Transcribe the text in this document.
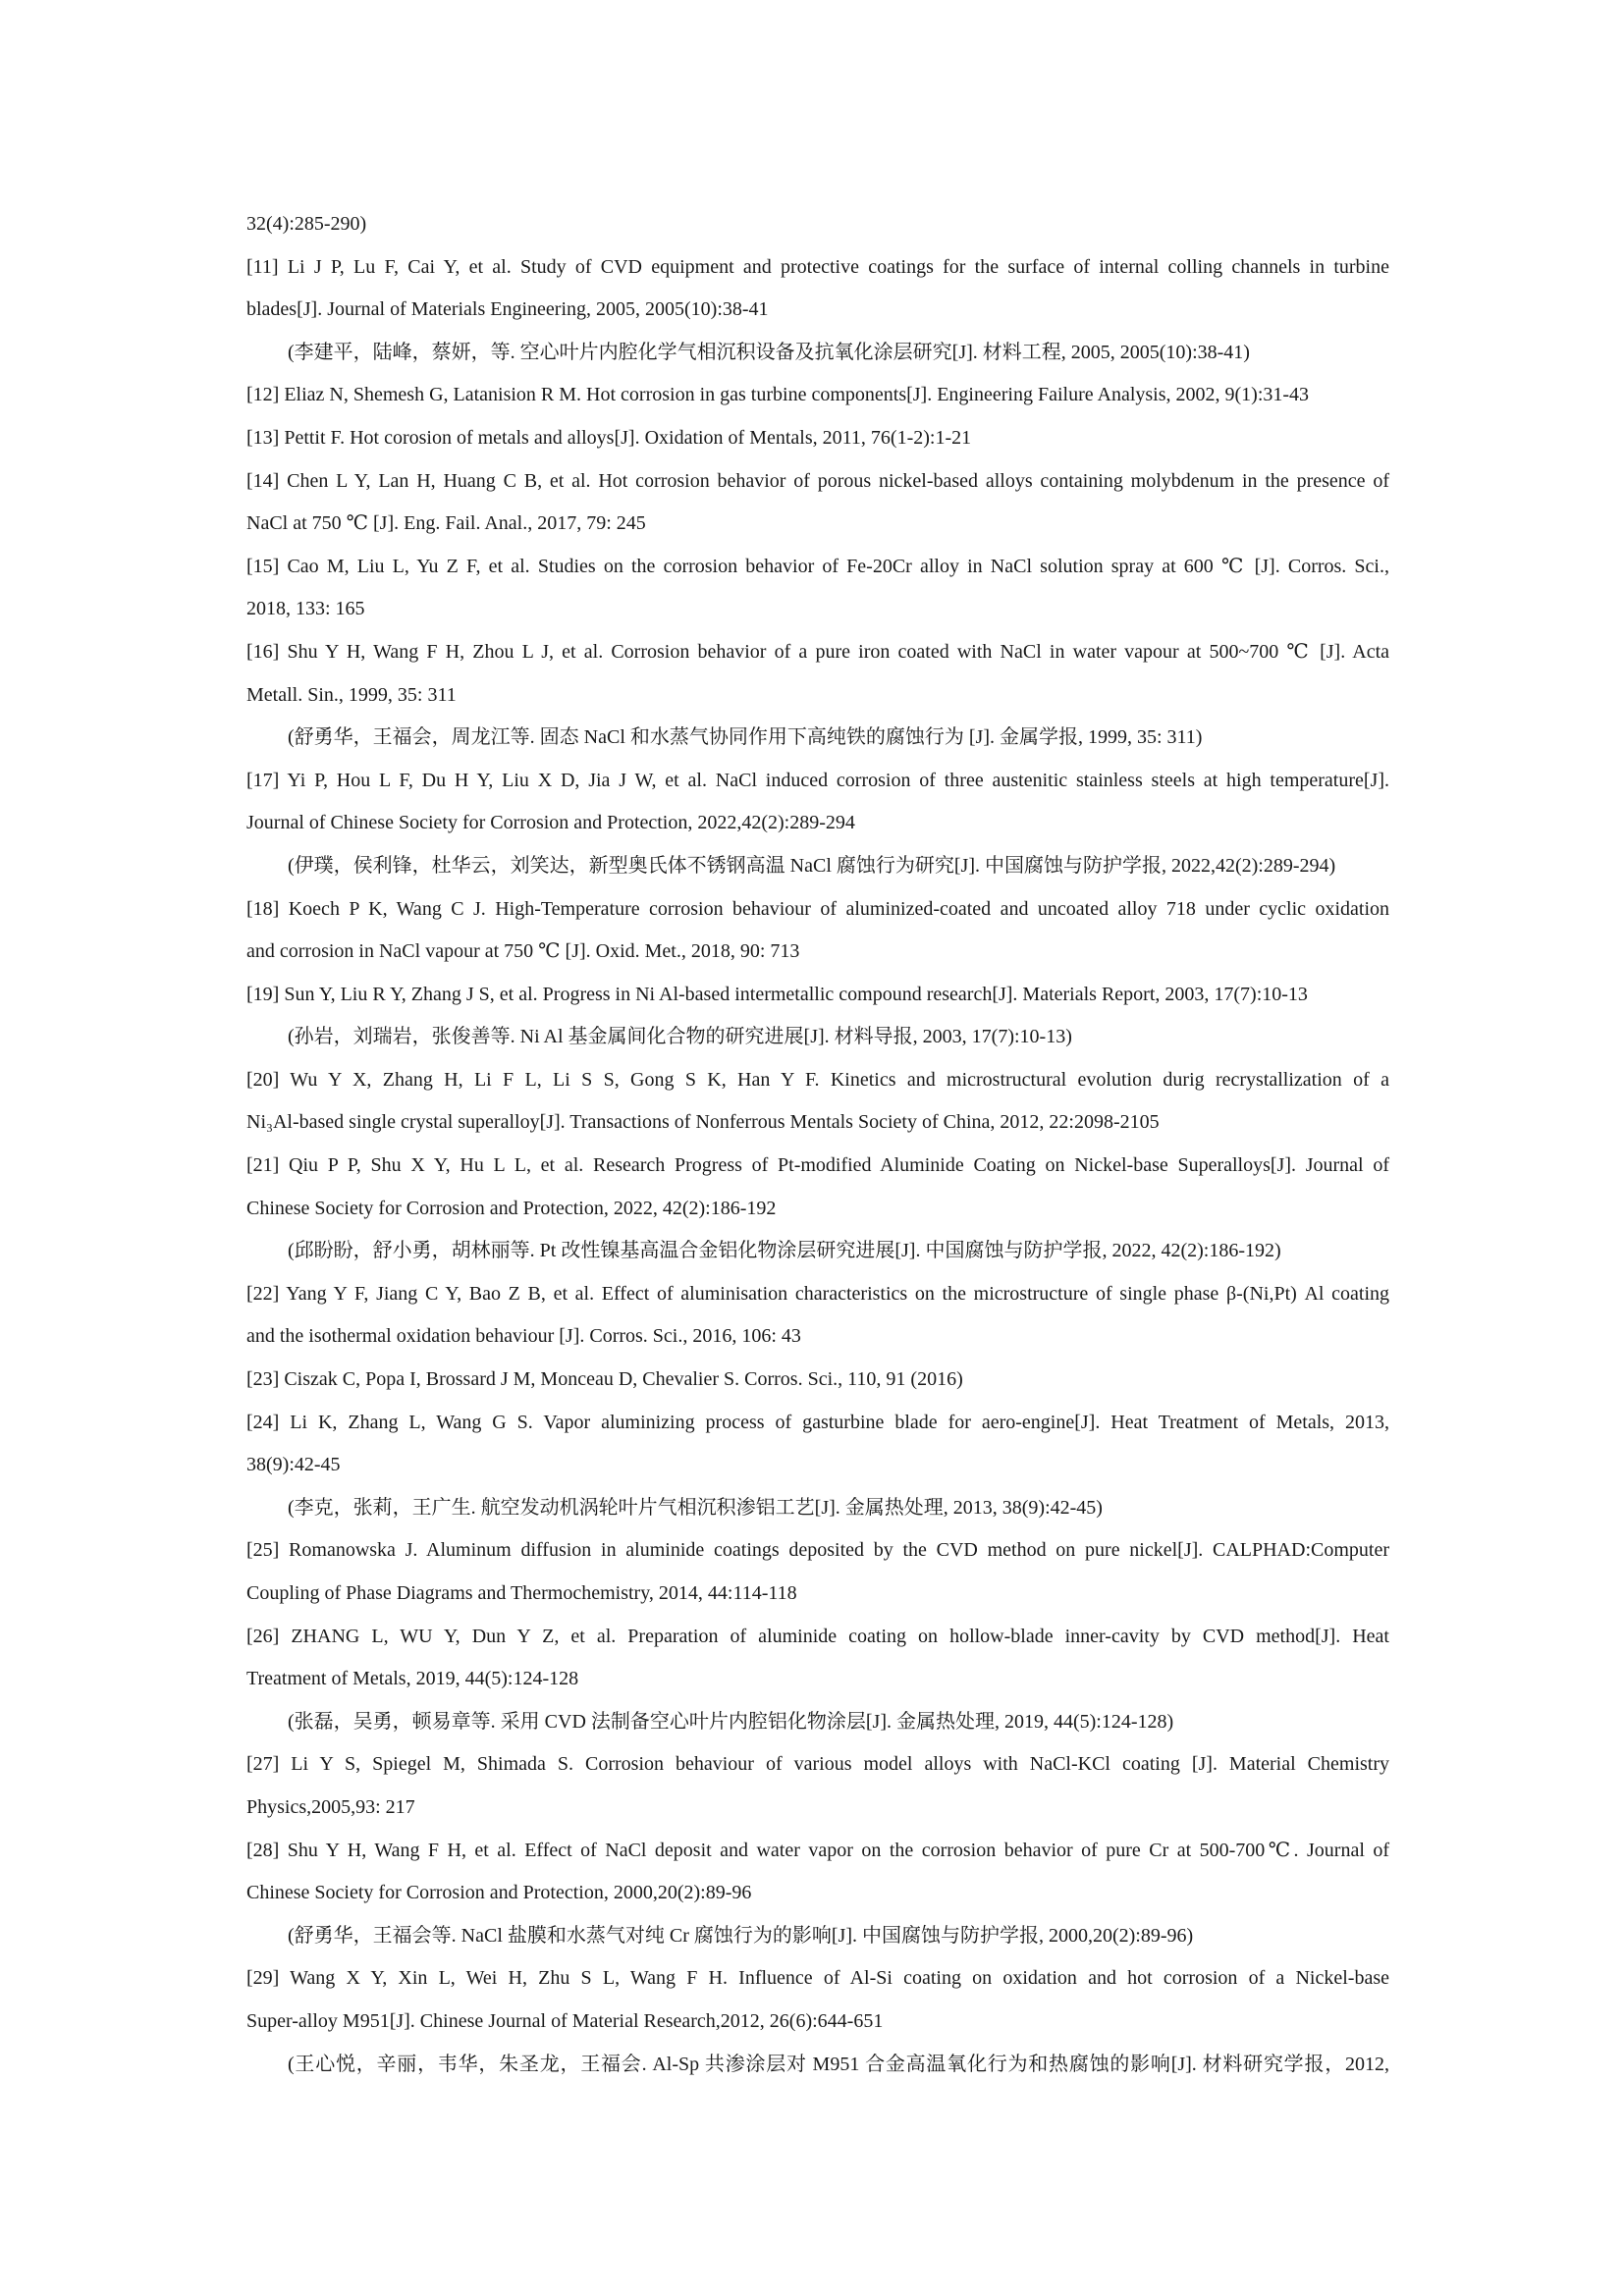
32(4):285-290)
[11] Li J P, Lu F, Cai Y, et al. Study of CVD equipment and protective coatings for the surface of internal colling channels in turbine
blades[J]. Journal of Materials Engineering, 2005, 2005(10):38-41
(李建平，陆峰，蔡妍，等. 空心叶片内腔化学气相沉积设备及抗氧化涂层研究[J]. 材料工程, 2005, 2005(10):38-41)
[12] Eliaz N, Shemesh G, Latanision R M. Hot corrosion in gas turbine components[J]. Engineering Failure Analysis, 2002, 9(1):31-43
[13] Pettit F. Hot corosion of metals and alloys[J]. Oxidation of Mentals, 2011, 76(1-2):1-21
[14] Chen L Y, Lan H, Huang C B, et al. Hot corrosion behavior of porous nickel-based alloys containing molybdenum in the presence of
NaCl at 750 ℃ [J]. Eng. Fail. Anal., 2017, 79: 245
[15] Cao M, Liu L, Yu Z F, et al. Studies on the corrosion behavior of Fe-20Cr alloy in NaCl solution spray at 600 ℃ [J]. Corros. Sci.,
2018, 133: 165
[16] Shu Y H, Wang F H, Zhou L J, et al. Corrosion behavior of a pure iron coated with NaCl in water vapour at 500~700 ℃ [J]. Acta
Metall. Sin., 1999, 35: 311
(舒勇华，王福会，周龙江等. 固态 NaCl 和水蒸气协同作用下高纯铁的腐蚀行为 [J]. 金属学报, 1999, 35: 311)
[17] Yi P, Hou L F, Du H Y, Liu X D, Jia J W, et al. NaCl induced corrosion of three austenitic stainless steels at high temperature[J].
Journal of Chinese Society for Corrosion and Protection, 2022,42(2):289-294
(伊璞，侯利锋，杜华云，刘笑达，新型奥氏体不锈钢高温 NaCl 腐蚀行为研究[J]. 中国腐蚀与防护学报, 2022,42(2):289-294)
[18] Koech P K, Wang C J. High-Temperature corrosion behaviour of aluminized-coated and uncoated alloy 718 under cyclic oxidation
and corrosion in NaCl vapour at 750 ℃ [J]. Oxid. Met., 2018, 90: 713
[19] Sun Y, Liu R Y, Zhang J S, et al. Progress in Ni Al-based intermetallic compound research[J]. Materials Report, 2003, 17(7):10-13
(孙岩，刘瑞岩，张俊善等. Ni Al 基金属间化合物的研究进展[J]. 材料导报, 2003, 17(7):10-13)
[20] Wu Y X, Zhang H, Li F L, Li S S, Gong S K, Han Y F. Kinetics and microstructural evolution durig recrystallization of a
Ni₃Al-based single crystal superalloy[J]. Transactions of Nonferrous Mentals Society of China, 2012, 22:2098-2105
[21] Qiu P P, Shu X Y, Hu L L, et al. Research Progress of Pt-modified Aluminide Coating on Nickel-base Superalloys[J]. Journal of
Chinese Society for Corrosion and Protection, 2022, 42(2):186-192
(邱盼盼，舒小勇，胡林丽等. Pt 改性镍基高温合金铝化物涂层研究进展[J]. 中国腐蚀与防护学报, 2022, 42(2):186-192)
[22] Yang Y F, Jiang C Y, Bao Z B, et al. Effect of aluminisation characteristics on the microstructure of single phase β-(Ni,Pt) Al coating
and the isothermal oxidation behaviour [J]. Corros. Sci., 2016, 106: 43
[23] Ciszak C, Popa I, Brossard J M, Monceau D, Chevalier S. Corros. Sci., 110, 91 (2016)
[24] Li K, Zhang L, Wang G S. Vapor aluminizing process of gasturbine blade for aero-engine[J]. Heat Treatment of Metals, 2013,
38(9):42-45
(李克，张莉，王广生. 航空发动机涡轮叶片气相沉积渗铝工艺[J]. 金属热处理, 2013, 38(9):42-45)
[25] Romanowska J. Aluminum diffusion in aluminide coatings deposited by the CVD method on pure nickel[J]. CALPHAD:Computer
Coupling of Phase Diagrams and Thermochemistry, 2014, 44:114-118
[26] ZHANG L, WU Y, Dun Y Z, et al. Preparation of aluminide coating on hollow-blade inner-cavity by CVD method[J]. Heat
Treatment of Metals, 2019, 44(5):124-128
(张磊，吴勇，顿易章等. 采用 CVD 法制备空心叶片内腔铝化物涂层[J]. 金属热处理, 2019, 44(5):124-128)
[27] Li Y S, Spiegel M, Shimada S. Corrosion behaviour of various model alloys with NaCl-KCl coating [J]. Material Chemistry
Physics,2005,93: 217
[28] Shu Y H, Wang F H, et al. Effect of NaCl deposit and water vapor on the corrosion behavior of pure Cr at 500-700℃. Journal of
Chinese Society for Corrosion and Protection, 2000,20(2):89-96
(舒勇华，王福会等. NaCl 盐膜和水蒸气对纯 Cr 腐蚀行为的影响[J]. 中国腐蚀与防护学报, 2000,20(2):89-96)
[29] Wang X Y, Xin L, Wei H, Zhu S L, Wang F H. Influence of Al-Si coating on oxidation and hot corrosion of a Nickel-base
Super-alloy M951[J]. Chinese Journal of Material Research,2012, 26(6):644-651
(王心悦，辛丽，韦华，朱圣龙，王福会. Al-Sp 共渗涂层对 M951 合金高温氧化行为和热腐蚀的影响[J]. 材料研究学报，2012,
